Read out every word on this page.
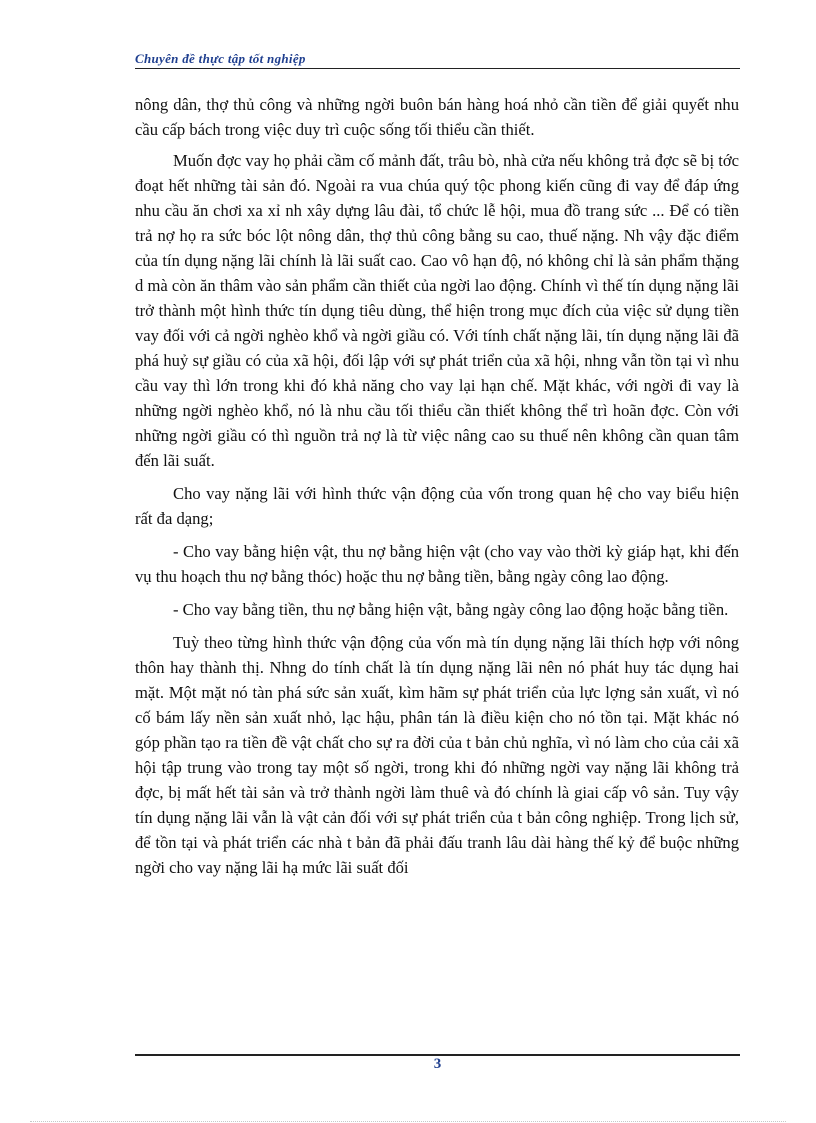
Chuyên đề thực tập tốt nghiệp

nông dân, thợ thủ công và những ngời buôn bán hàng hoá nhỏ cần tiền để giải quyết nhu cầu cấp bách trong việc duy trì cuộc sống tối thiểu cần thiết.

Muốn đợc vay họ phải cầm cố mảnh đất, trâu bò, nhà cửa nếu không trả đợc sẽ bị tớc đoạt hết những tài sản đó. Ngoài ra vua chúa quý tộc phong kiến cũng đi vay để đáp ứng nhu cầu ăn chơi xa xỉ nh xây dựng lâu đài, tổ chức lễ hội, mua đồ trang sức ... Để có tiền trả nợ họ ra sức bóc lột nông dân, thợ thủ công bằng su cao, thuế nặng. Nh vậy đặc điểm của tín dụng nặng lãi chính là lãi suất cao. Cao vô hạn độ, nó không chỉ là sản phẩm thặng d mà còn ăn thâm vào sản phẩm cần thiết của ngời lao động. Chính vì thế tín dụng nặng lãi trở thành một hình thức tín dụng tiêu dùng, thể hiện trong mục đích của việc sử dụng tiền vay đối với cả ngời nghèo khổ và ngời giầu có. Với tính chất nặng lãi, tín dụng nặng lãi đã phá huỷ sự giầu có của xã hội, đối lập với sự phát triển của xã hội, nhng vẫn tồn tại vì nhu cầu vay thì lớn trong khi đó khả năng cho vay lại hạn chế. Mặt khác, với ngời đi vay là những ngời nghèo khổ, nó là nhu cầu tối thiểu cần thiết không thể trì hoãn đợc. Còn với những ngời giầu có thì nguồn trả nợ là từ việc nâng cao su thuế nên không cần quan tâm đến lãi suất.

Cho vay nặng lãi với hình thức vận động của vốn trong quan hệ cho vay biểu hiện rất đa dạng;

- Cho vay bằng hiện vật, thu nợ bằng hiện vật (cho vay vào thời kỳ giáp hạt, khi đến vụ thu hoạch thu nợ bằng thóc) hoặc thu nợ bằng tiền, bằng ngày công lao động.

- Cho vay bằng tiền, thu nợ bằng hiện vật, bằng ngày công lao động hoặc bằng tiền.

Tuỳ theo từng hình thức vận động của vốn mà tín dụng nặng lãi thích hợp với nông thôn hay thành thị. Nhng do tính chất là tín dụng nặng lãi nên nó phát huy tác dụng hai mặt. Một mặt nó tàn phá sức sản xuất, kìm hãm sự phát triển của lực lợng sản xuất, vì nó cố bám lấy nền sản xuất nhỏ, lạc hậu, phân tán là điều kiện cho nó tồn tại. Mặt khác nó góp phần tạo ra tiền đề vật chất cho sự ra đời của t bản chủ nghĩa, vì nó làm cho của cải xã hội tập trung vào trong tay một số ngời, trong khi đó những ngời vay nặng lãi không trả đợc, bị mất hết tài sản và trở thành ngời làm thuê và đó chính là giai cấp vô sản. Tuy vậy tín dụng nặng lãi vẫn là vật cản đối với sự phát triển của t bản công nghiệp. Trong lịch sử, để tồn tại và phát triển các nhà t bản đã phải đấu tranh lâu dài hàng thế kỷ để buộc những ngời cho vay nặng lãi hạ mức lãi suất đối

3
